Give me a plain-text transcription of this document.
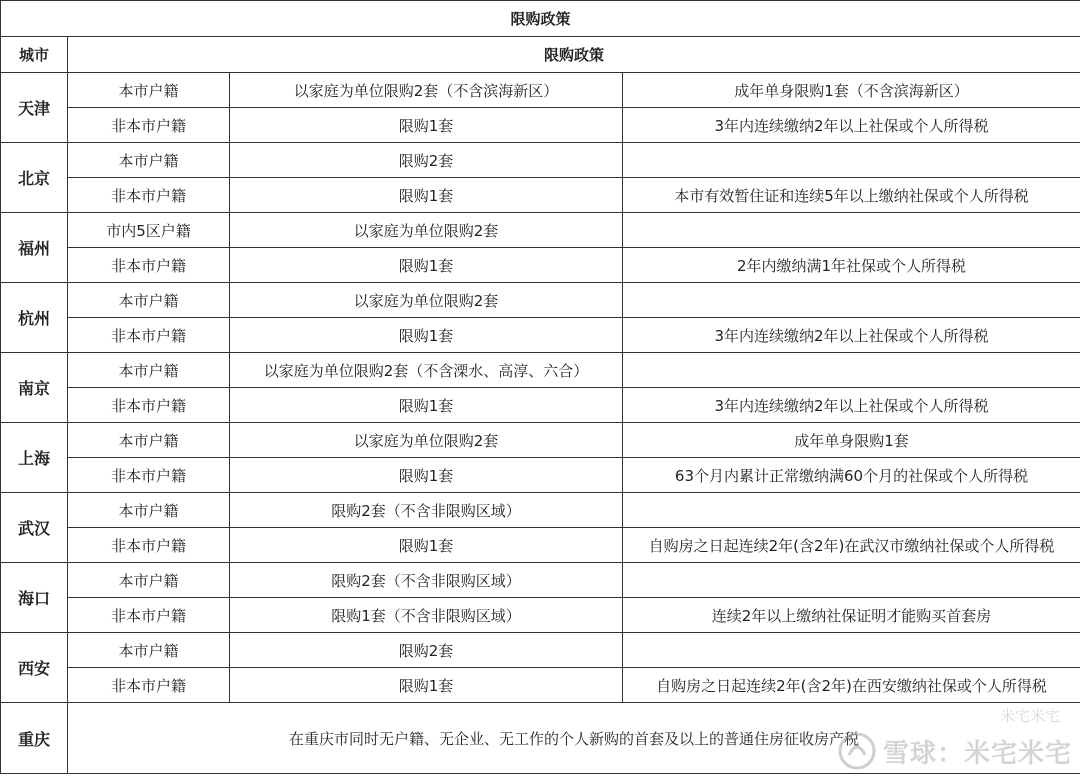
限购政策			
城市	限购政策		
天津	本市户籍	以家庭为单位限购2套（不含滨海新区）	成年单身限购1套（不含滨海新区）
	非本市户籍	限购1套	3年内连续缴纳2年以上社保或个人所得税
北京	本市户籍	限购2套	
	非本市户籍	限购1套	本市有效暂住证和连续5年以上缴纳社保或个人所得税
福州	市内5区户籍	以家庭为单位限购2套	
	非本市户籍	限购1套	2年内缴纳满1年社保或个人所得税
杭州	本市户籍	以家庭为单位限购2套	
	非本市户籍	限购1套	3年内连续缴纳2年以上社保或个人所得税
南京	本市户籍	以家庭为单位限购2套（不含溧水、高淳、六合）	
	非本市户籍	限购1套	3年内连续缴纳2年以上社保或个人所得税
上海	本市户籍	以家庭为单位限购2套	成年单身限购1套
	非本市户籍	限购1套	63个月内累计正常缴纳满60个月的社保或个人所得税
武汉	本市户籍	限购2套（不含非限购区域）	
	非本市户籍	限购1套	自购房之日起连续2年(含2年)在武汉市缴纳社保或个人所得税
海口	本市户籍	限购2套（不含非限购区域）	
	非本市户籍	限购1套（不含非限购区域）	连续2年以上缴纳社保证明才能购买首套房
西安	本市户籍	限购2套	
	非本市户籍	限购1套	自购房之日起连续2年(含2年)在西安缴纳社保或个人所得税
重庆	在重庆市同时无户籍、无企业、无工作的个人新购的首套及以上的普通住房征收房产税		
米宅米宅
雪球：米宅米宅
